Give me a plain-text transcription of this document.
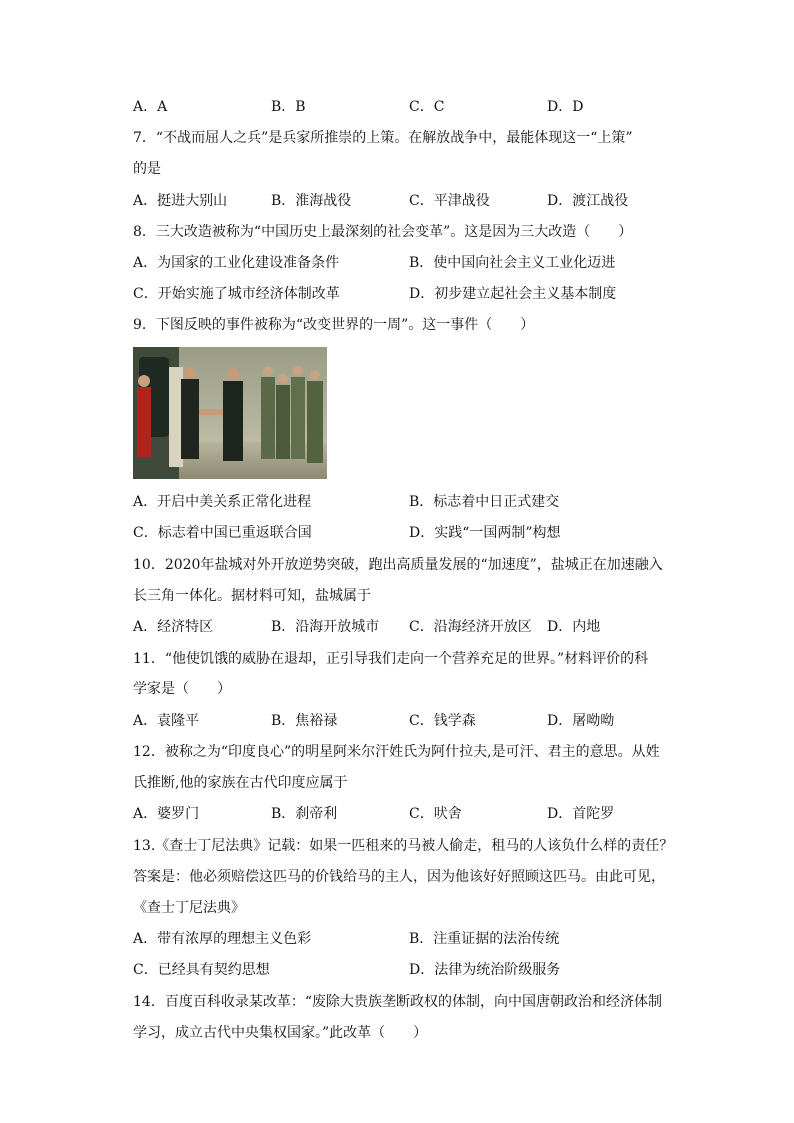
A．A	B．B	C．C	D．D
7．“不战而屈人之兵”是兵家所推崇的上策。在解放战争中，最能体现这一“上策”
的是
A．挺进大别山	B．淮海战役	C．平津战役	D．渡江战役
8．三大改造被称为“中国历史上最深刻的社会变革”。这是因为三大改造（　　）
A．为国家的工业化建设准备条件	B．使中国向社会主义工业化迈进
C．开始实施了城市经济体制改革	D．初步建立起社会主义基本制度
9．下图反映的事件被称为“改变世界的一周”。这一事件（　　）
A．开启中美关系正常化进程	B．标志着中日正式建交
C．标志着中国已重返联合国	D．实践“一国两制”构想
10．2020年盐城对外开放逆势突破，跑出高质量发展的“加速度”，盐城正在加速融入
长三角一体化。据材料可知，盐城属于
A．经济特区	B．沿海开放城市 C．沿海经济开放区 D．内地
11．“他使饥饿的威胁在退却，正引导我们走向一个营养充足的世界。”材料评价的科
学家是（　　）
A．袁隆平	B．焦裕禄	C．钱学森	D．屠呦呦
12．被称之为“印度良心”的明星阿米尔汗姓氏为阿什拉夫,是可汗、君主的意思。从姓
氏推断,他的家族在古代印度应属于
A．婆罗门	B．刹帝利	C．吠舍	D．首陀罗
13.《查士丁尼法典》记载：如果一匹租来的马被人偷走，租马的人该负什么样的责任？
答案是：他必须赔偿这匹马的价钱给马的主人，因为他该好好照顾这匹马。由此可见，
《查士丁尼法典》
A．带有浓厚的理想主义色彩	B．注重证据的法治传统
C．已经具有契约思想	D．法律为统治阶级服务
14．百度百科收录某改革：“废除大贵族垄断政权的体制，向中国唐朝政治和经济体制
学习，成立古代中央集权国家。”此改革（　　）
